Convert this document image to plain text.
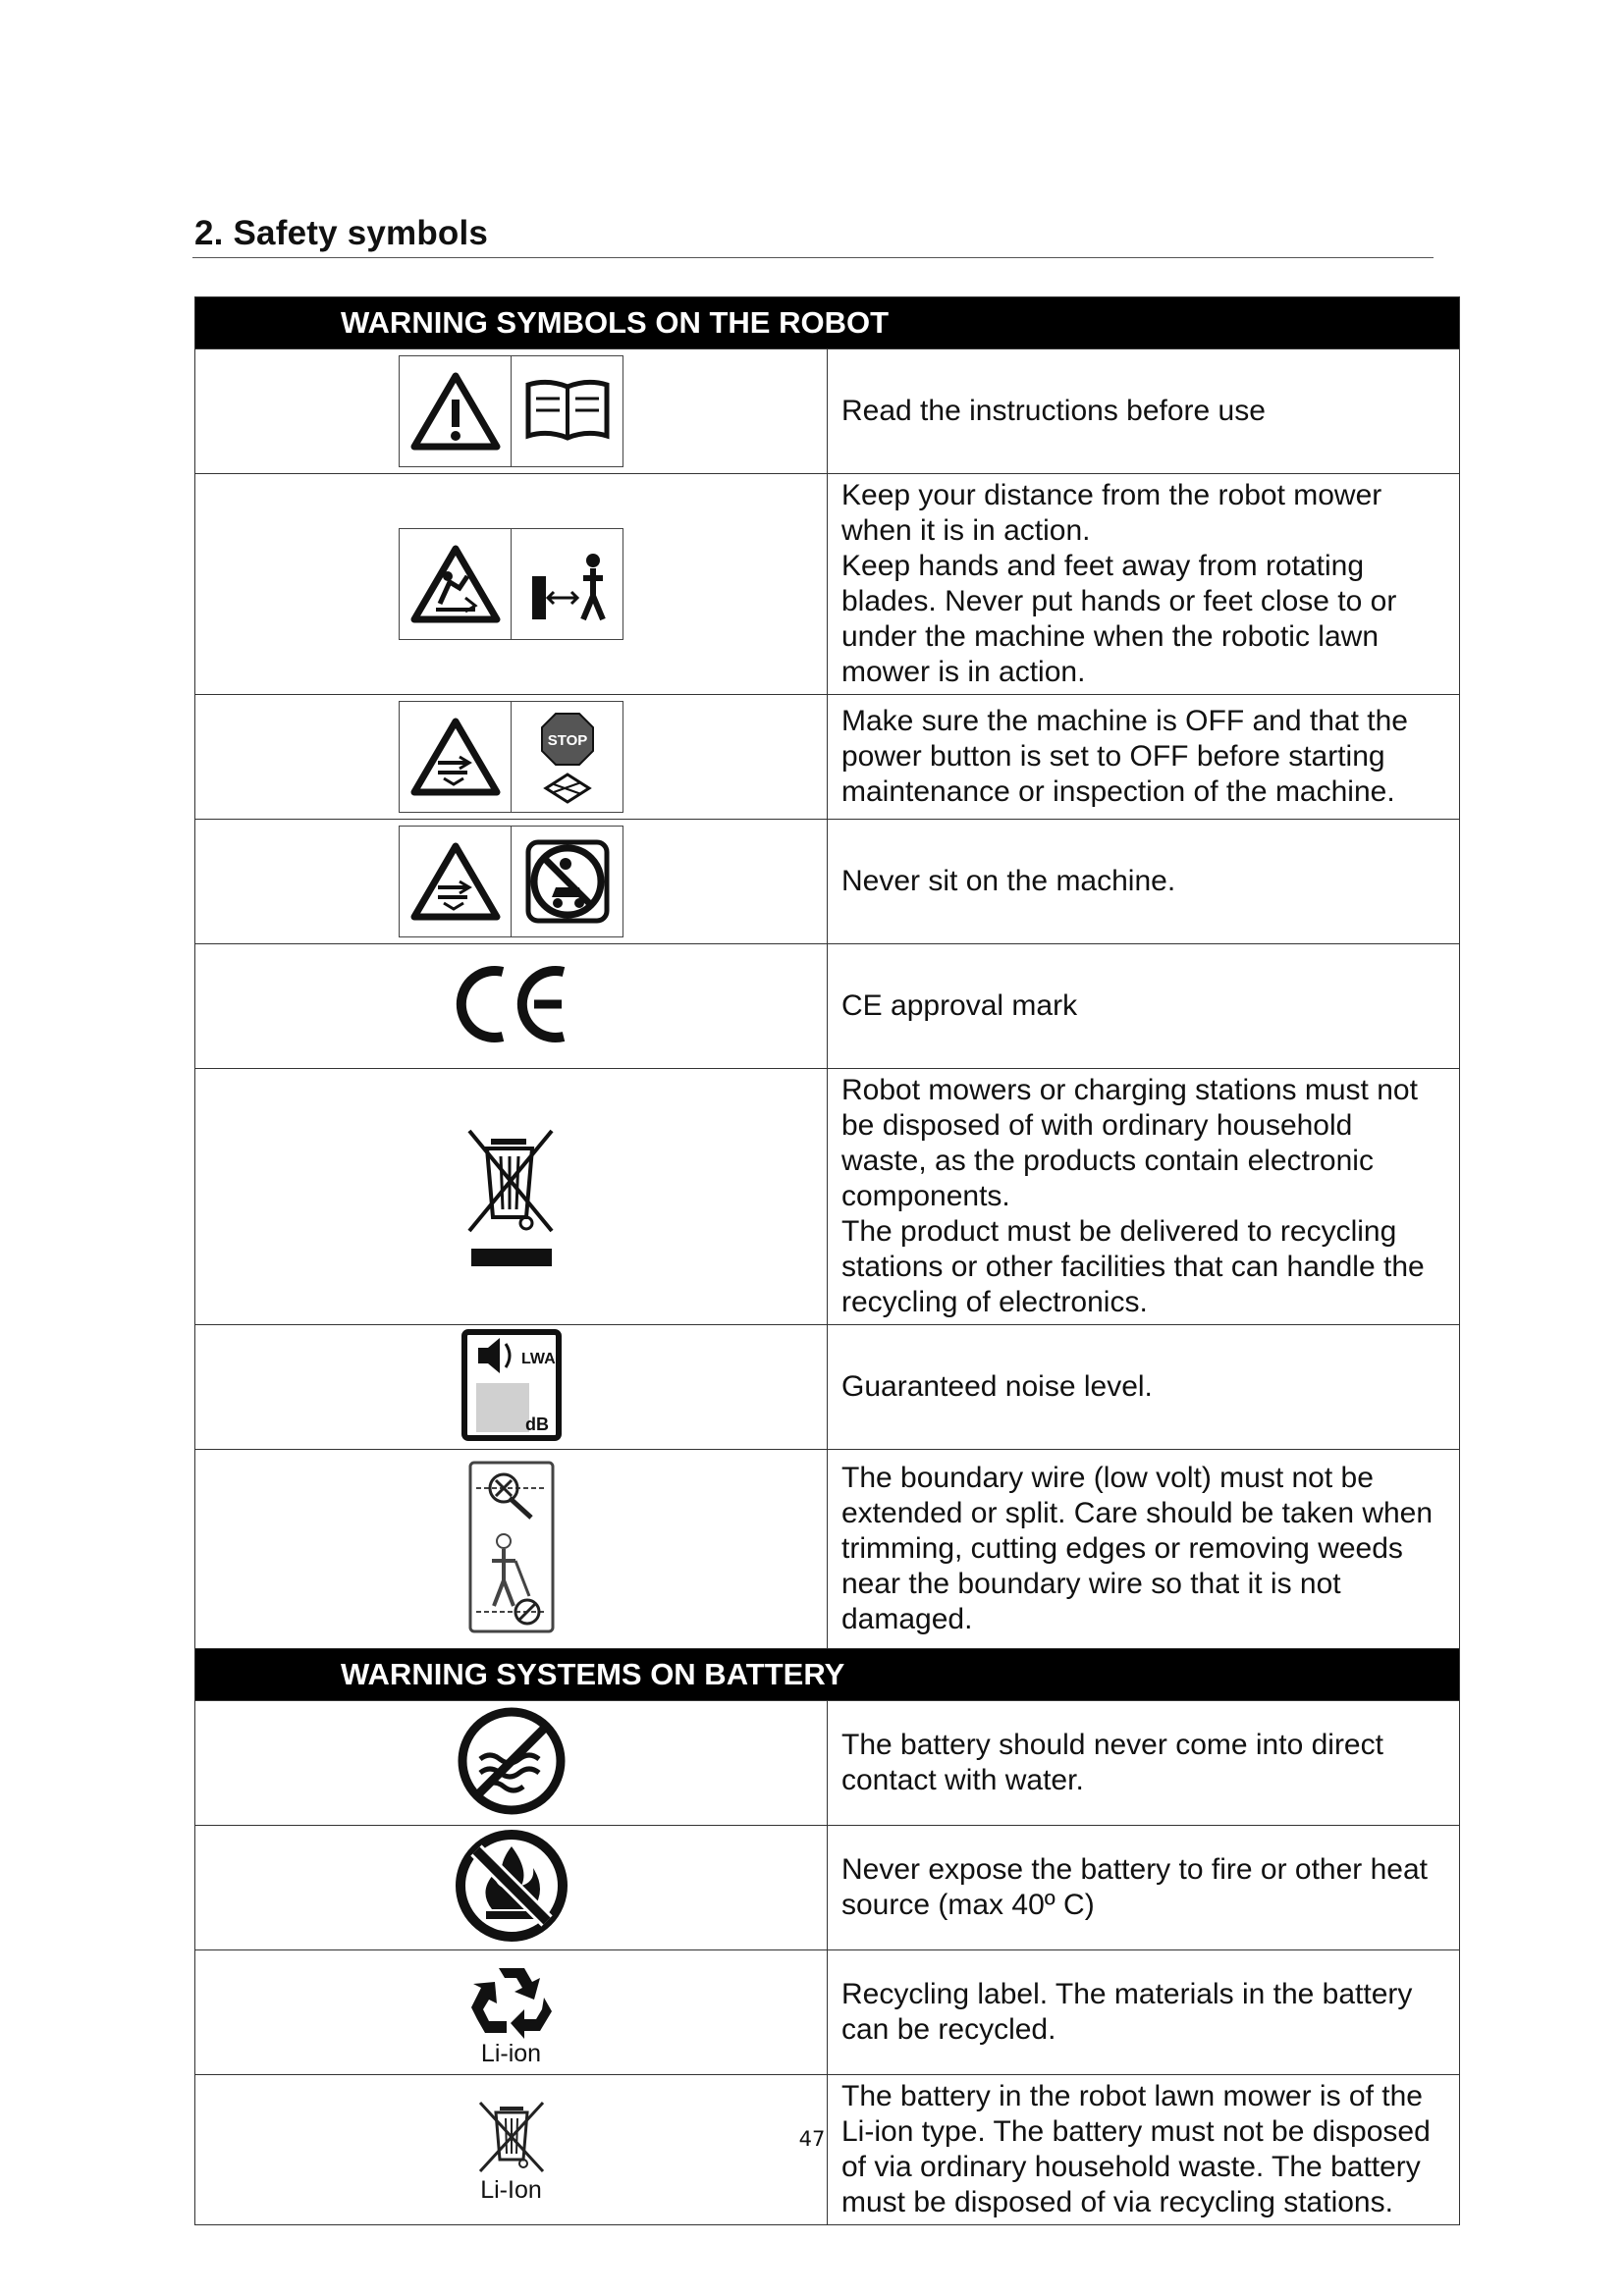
2. Safety symbols
WARNING SYMBOLS ON THE ROBOT	

Read the instructions before use

Keep your distance from the robot mower when it is in action.
Keep hands and feet away from rotating blades. Never put hands or feet close to or under the machine when the robotic lawn mower is in action.

STOP	Make sure the machine is OFF and that the power button is set to OFF before starting maintenance or inspection of the machine.

Never sit on the machine.

CE approval mark

Robot mowers or charging stations must not be disposed of with ordinary household waste, as the products contain electronic components.
The product must be delivered to recycling stations or other facilities that can handle the recycling of electronics.

LWA
dB	Guaranteed noise level.

The boundary wire (low volt) must not be extended or split. Care should be taken when trimming, cutting edges or removing weeds near the boundary wire so that it is not damaged.

WARNING SYSTEMS ON BATTERY	

The battery should never come into direct contact with water.

Never expose the battery to fire or other heat source (max 40º C)

Li-ion	Recycling label. The materials in the battery can be recycled.

Li-Ion	The battery in the robot lawn mower is of the Li-ion type. The battery must not be disposed of via ordinary household waste. The battery must be disposed of via recycling stations.
47
